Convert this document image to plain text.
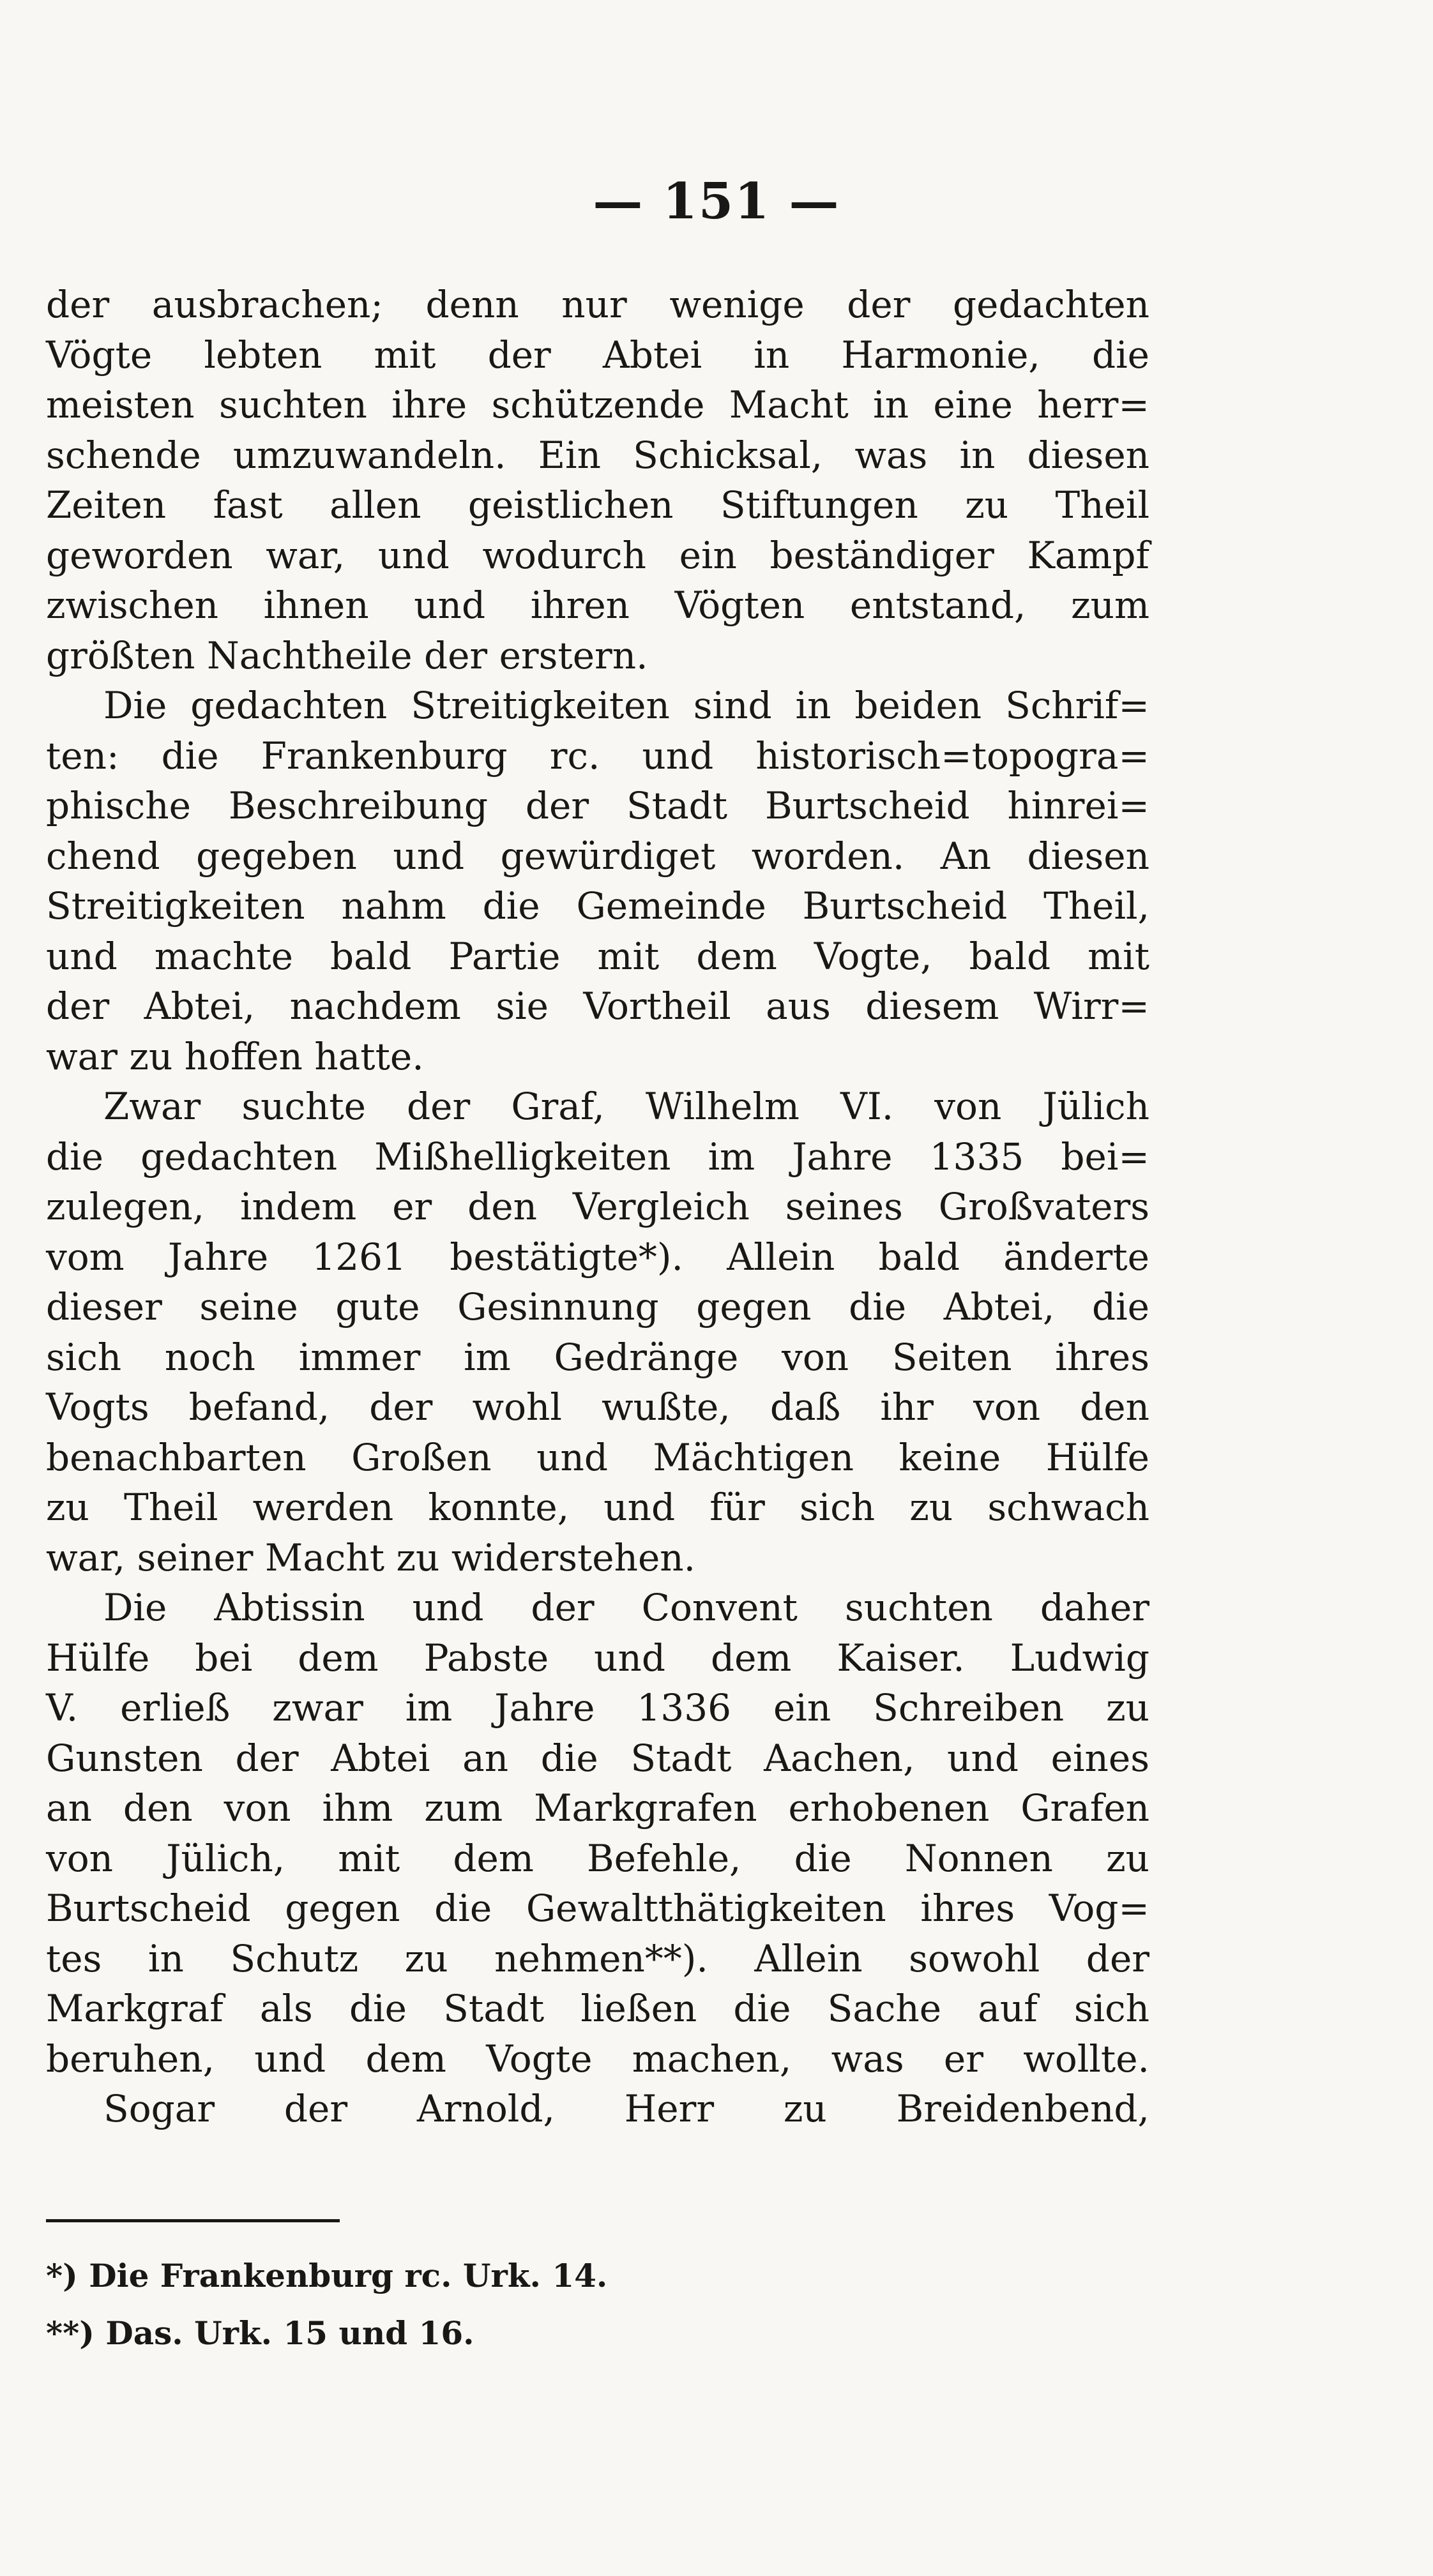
— 151 —

der ausbrachen; denn nur wenige der gedachten
Vögte lebten mit der Abtei in Harmonie, die
meisten suchten ihre schützende Macht in eine herr=
schende umzuwandeln. Ein Schicksal, was in diesen
Zeiten fast allen geistlichen Stiftungen zu Theil
geworden war, und wodurch ein beständiger Kampf
zwischen ihnen und ihren Vögten entstand, zum
größten Nachtheile der erstern.

Die gedachten Streitigkeiten sind in beiden Schrif=
ten: die Frankenburg rc. und historisch=topogra=
phische Beschreibung der Stadt Burtscheid hinrei=
chend gegeben und gewürdiget worden. An diesen
Streitigkeiten nahm die Gemeinde Burtscheid Theil,
und machte bald Partie mit dem Vogte, bald mit
der Abtei, nachdem sie Vortheil aus diesem Wirr=
war zu hoffen hatte.

Zwar suchte der Graf, Wilhelm VI. von Jülich
die gedachten Mißhelligkeiten im Jahre 1335 bei=
zulegen, indem er den Vergleich seines Großvaters
vom Jahre 1261 bestätigte*). Allein bald änderte
dieser seine gute Gesinnung gegen die Abtei, die
sich noch immer im Gedränge von Seiten ihres
Vogts befand, der wohl wußte, daß ihr von den
benachbarten Großen und Mächtigen keine Hülfe
zu Theil werden konnte, und für sich zu schwach
war, seiner Macht zu widerstehen.

Die Abtissin und der Convent suchten daher
Hülfe bei dem Pabste und dem Kaiser. Ludwig
V. erließ zwar im Jahre 1336 ein Schreiben zu
Gunsten der Abtei an die Stadt Aachen, und eines
an den von ihm zum Markgrafen erhobenen Grafen
von Jülich, mit dem Befehle, die Nonnen zu
Burtscheid gegen die Gewaltthätigkeiten ihres Vog=
tes in Schutz zu nehmen**). Allein sowohl der
Markgraf als die Stadt ließen die Sache auf sich
beruhen, und dem Vogte machen, was er wollte.

Sogar der Arnold, Herr zu Breidenbend,

*) Die Frankenburg rc. Urk. 14.
**) Das. Urk. 15 und 16.
